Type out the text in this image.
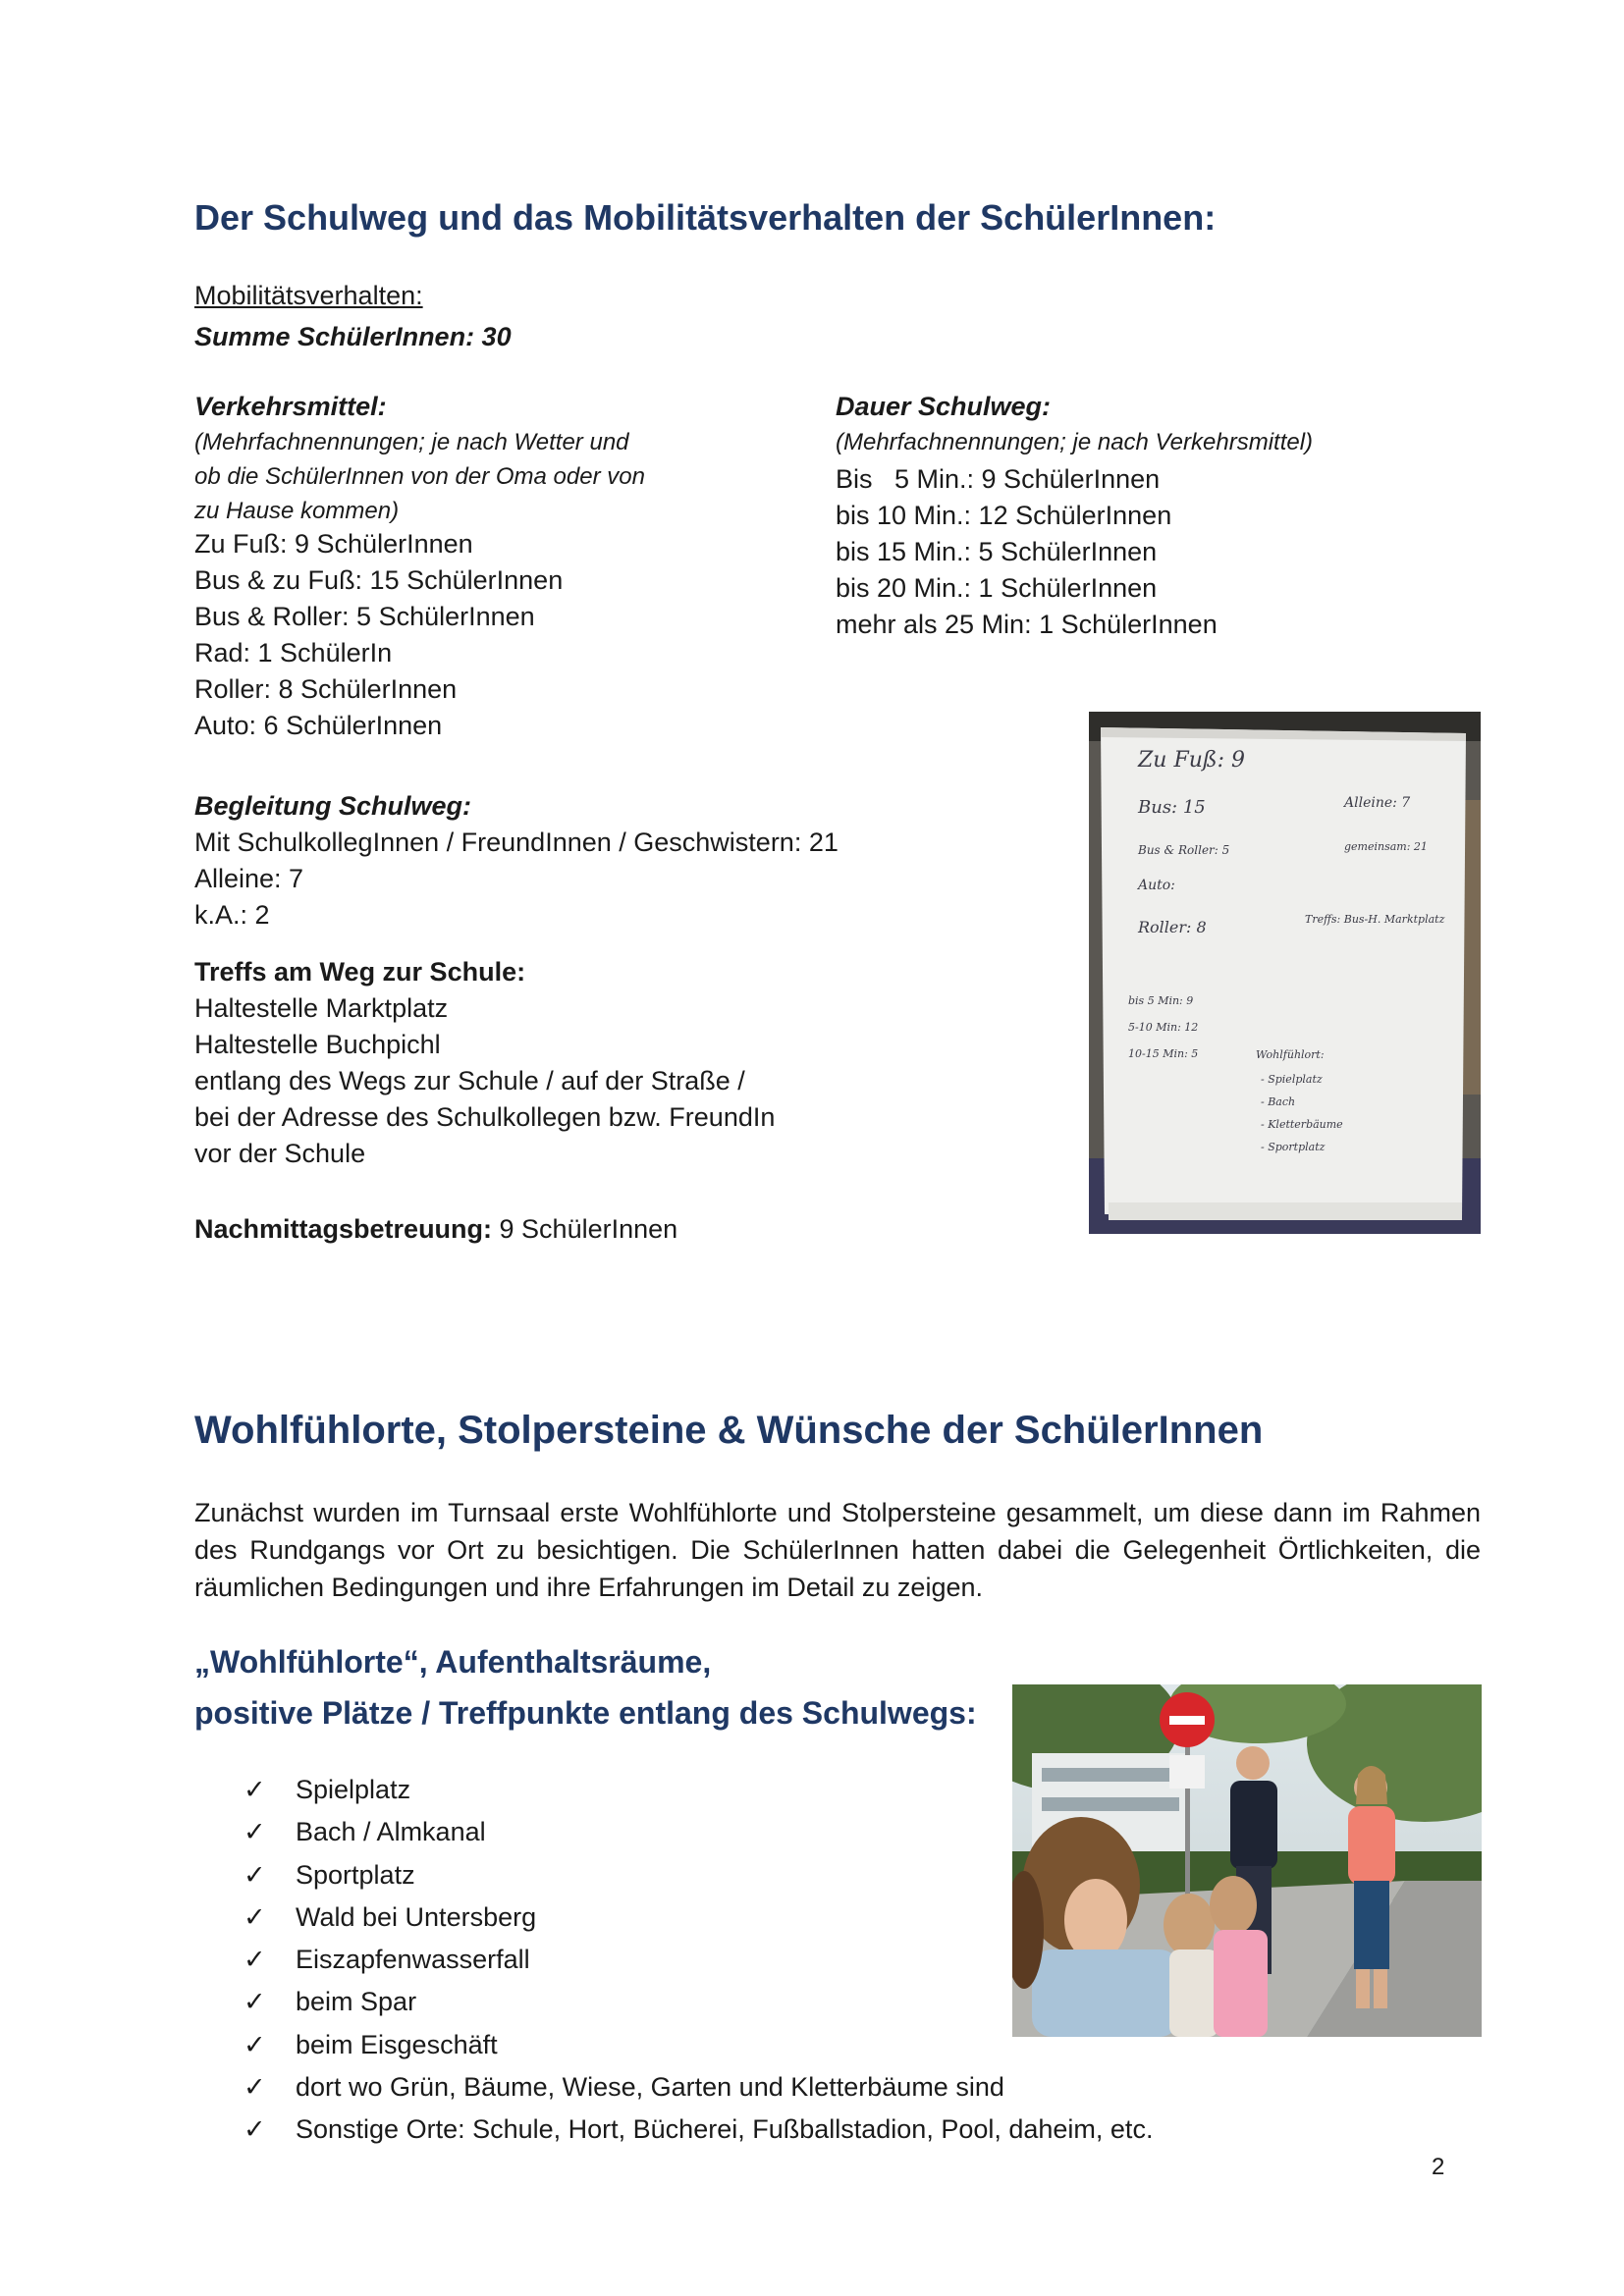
Der Schulweg und das Mobilitätsverhalten der SchülerInnen:
Mobilitätsverhalten:
Summe SchülerInnen: 30
Verkehrsmittel:
(Mehrfachnennungen; je nach Wetter und
ob die SchülerInnen von der Oma oder von
zu Hause kommen)
Zu Fuß: 9 SchülerInnen
Bus & zu Fuß: 15 SchülerInnen
Bus & Roller: 5 SchülerInnen
Rad: 1 SchülerIn
Roller: 8 SchülerInnen
Auto: 6 SchülerInnen
Dauer Schulweg:
(Mehrfachnennungen; je nach Verkehrsmittel)
Bis   5 Min.: 9 SchülerInnen
bis 10 Min.: 12 SchülerInnen
bis 15 Min.: 5 SchülerInnen
bis 20 Min.: 1 SchülerInnen
mehr als 25 Min: 1 SchülerInnen
Zu Fuß: 9
Bus: 15	Alleine: 7
Bus & Roller: 5	gemeinsam: 21
Auto:
Roller: 8	Treffs: Bus-H. Marktplatz
bis 5 Min: 9
5-10 Min: 12
10-15 Min: 5	Wohlfühlort:
- Spielplatz
- Bach
- Kletterbäume
- Sportplatz
Begleitung Schulweg:
Mit SchulkollegInnen / FreundInnen / Geschwistern: 21
Alleine: 7
k.A.: 2
Treffs am Weg zur Schule:
Haltestelle Marktplatz
Haltestelle Buchpichl
entlang des Wegs zur Schule / auf der Straße /
bei der Adresse des Schulkollegen bzw. FreundIn
vor der Schule
Nachmittagsbetreuung: 9 SchülerInnen
Wohlfühlorte, Stolpersteine & Wünsche der SchülerInnen
Zunächst wurden im Turnsaal erste Wohlfühlorte und Stolpersteine gesammelt, um diese dann im Rahmen des Rundgangs vor Ort zu besichtigen. Die SchülerInnen hatten dabei die Gelegenheit Örtlichkeiten, die räumlichen Bedingungen und ihre Erfahrungen im Detail zu zeigen.
„Wohlfühlorte“, Aufenthaltsräume,
positive Plätze / Treffpunkte entlang des Schulwegs:
✓ Spielplatz
✓ Bach / Almkanal
✓ Sportplatz
✓ Wald bei Untersberg
✓ Eiszapfenwasserfall
✓ beim Spar
✓ beim Eisgeschäft
✓ dort wo Grün, Bäume, Wiese, Garten und Kletterbäume sind
✓ Sonstige Orte: Schule, Hort, Bücherei, Fußballstadion, Pool, daheim, etc.
2
